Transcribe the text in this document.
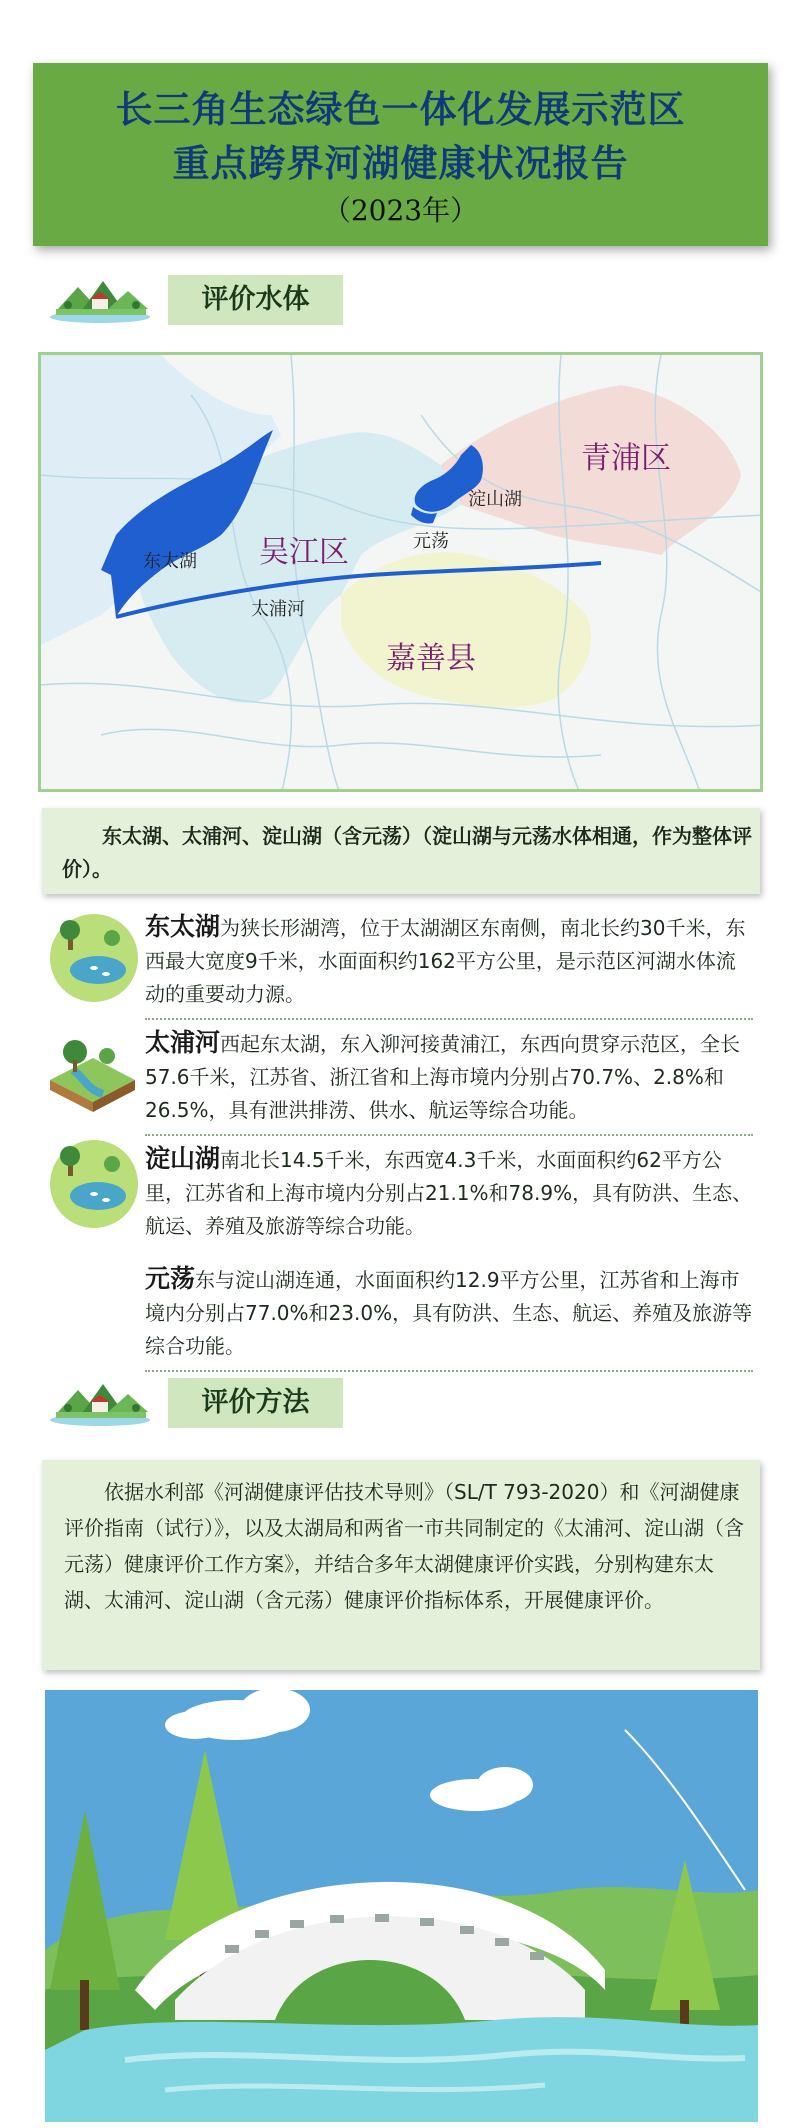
长三角生态绿色一体化发展示范区
重点跨界河湖健康状况报告
（2023年）
评价水体
青浦区
吴江区
嘉善县
东太湖
太浦河
淀山湖
元荡
东太湖、太浦河、淀山湖（含元荡）（淀山湖与元荡水体相通，作为整体评价）。
东太湖为狭长形湖湾，位于太湖湖区东南侧，南北长约30千米，东西最大宽度9千米，水面面积约162平方公里，是示范区河湖水体流动的重要动力源。
太浦河西起东太湖，东入泖河接黄浦江，东西向贯穿示范区，全长57.6千米，江苏省、浙江省和上海市境内分别占70.7%、2.8%和26.5%，具有泄洪排涝、供水、航运等综合功能。
淀山湖南北长14.5千米，东西宽4.3千米，水面面积约62平方公里，江苏省和上海市境内分别占21.1%和78.9%，具有防洪、生态、航运、养殖及旅游等综合功能。
元荡东与淀山湖连通，水面面积约12.9平方公里，江苏省和上海市境内分别占77.0%和23.0%，具有防洪、生态、航运、养殖及旅游等综合功能。
评价方法
依据水利部《河湖健康评估技术导则》（SL/T 793-2020）和《河湖健康评价指南（试行）》，以及太湖局和两省一市共同制定的《太浦河、淀山湖（含元荡）健康评价工作方案》，并结合多年太湖健康评价实践，分别构建东太湖、太浦河、淀山湖（含元荡）健康评价指标体系，开展健康评价。
